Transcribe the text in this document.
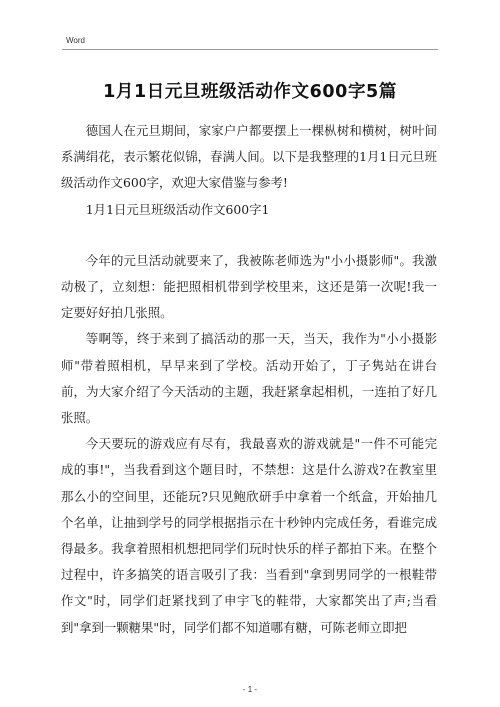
Word
1月1日元旦班级活动作文600字5篇

德国人在元旦期间，家家户户都要摆上一棵枞树和横树，树叶间系满绢花，表示繁花似锦，春满人间。以下是我整理的1月1日元旦班级活动作文600字，欢迎大家借鉴与参考!

1月1日元旦班级活动作文600字1

今年的元旦活动就要来了，我被陈老师选为"小小摄影师"。我激动极了，立刻想：能把照相机带到学校里来，这还是第一次呢!我一定要好好拍几张照。

等啊等，终于来到了搞活动的那一天，当天，我作为"小小摄影师"带着照相机，早早来到了学校。活动开始了，丁子隽站在讲台前，为大家介绍了今天活动的主题，我赶紧拿起相机，一连拍了好几张照。

今天要玩的游戏应有尽有，我最喜欢的游戏就是"一件不可能完成的事!"，当我看到这个题目时，不禁想：这是什么游戏?在教室里那么小的空间里，还能玩?只见鲍欣研手中拿着一个纸盒，开始抽几个名单，让抽到学号的同学根据指示在十秒钟内完成任务，看谁完成得最多。我拿着照相机想把同学们玩时快乐的样子都拍下来。在整个过程中，许多搞笑的语言吸引了我：当看到"拿到男同学的一根鞋带作文"时，同学们赶紧找到了申宇飞的鞋带，大家都笑出了声;当看到"拿到一颗糖果"时，同学们都不知道哪有糖，可陈老师立即把

- 1 -
